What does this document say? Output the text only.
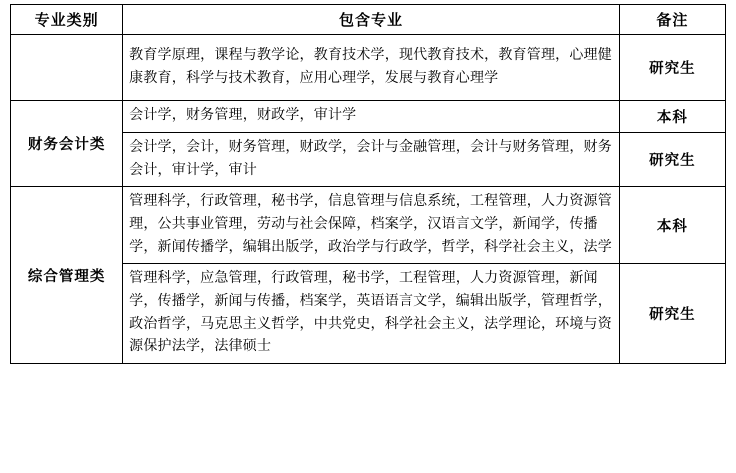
专业类别	包含专业	备注
	教育学原理，课程与教学论，教育技术学，现代教育技术，教育管理，心理健康教育，科学与技术教育，应用心理学，发展与教育心理学	研究生
财务会计类	会计学，财务管理，财政学，审计学	本科
	会计学，会计，财务管理，财政学，会计与金融管理，会计与财务管理，财务会计，审计学，审计	研究生
综合管理类	管理科学，行政管理，秘书学，信息管理与信息系统，工程管理，人力资源管理，公共事业管理，劳动与社会保障，档案学，汉语言文学，新闻学，传播学，新闻传播学，编辑出版学，政治学与行政学，哲学，科学社会主义，法学	本科
	管理科学，应急管理，行政管理，秘书学，工程管理，人力资源管理，新闻学，传播学，新闻与传播，档案学，英语语言文学，编辑出版学，管理哲学，政治哲学，马克思主义哲学，中共党史，科学社会主义，法学理论，环境与资源保护法学，法律硕士	研究生
